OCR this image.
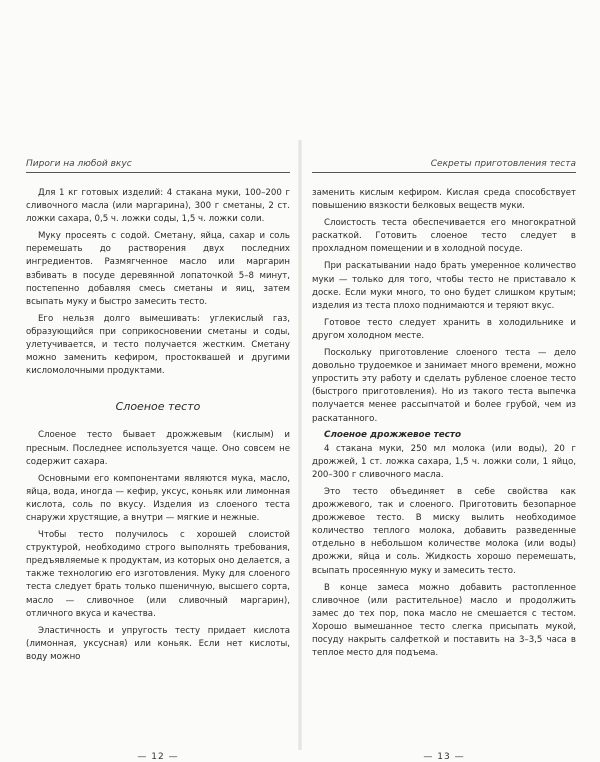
Пироги на любой вкус

Для 1 кг готовых изделий: 4 стакана муки, 100–200 г сливочного масла (или маргарина), 300 г сметаны, 2 ст. ложки сахара, 0,5 ч. ложки соды, 1,5 ч. ложки соли.

Муку просеять с содой. Сметану, яйца, сахар и соль перемешать до растворения двух последних ингредиентов. Размягченное масло или маргарин взбивать в посуде деревянной лопаточкой 5–8 минут, постепенно добавляя смесь сметаны и яиц, затем всыпать муку и быстро замесить тесто.

Его нельзя долго вымешивать: углекислый газ, образующийся при соприкосновении сметаны и соды, улетучивается, и тесто получается жестким. Сметану можно заменить кефиром, простоквашей и другими кисломолочными продуктами.

Слоеное тесто

Слоеное тесто бывает дрожжевым (кислым) и пресным. Последнее используется чаще. Оно совсем не содержит сахара.

Основными его компонентами являются мука, масло, яйца, вода, иногда — кефир, уксус, коньяк или лимонная кислота, соль по вкусу. Изделия из слоеного теста снаружи хрустящие, а внутри — мягкие и нежные.

Чтобы тесто получилось с хорошей слоистой структурой, необходимо строго выполнять требования, предъявляемые к продуктам, из которых оно делается, а также технологию его изготовления. Муку для слоеного теста следует брать только пшеничную, высшего сорта, масло — сливочное (или сливочный маргарин), отличного вкуса и качества.

Эластичность и упругость тесту придает кислота (лимонная, уксусная) или коньяк. Если нет кислоты, воду можно

— 12 —
Секреты приготовления теста

заменить кислым кефиром. Кислая среда способствует повышению вязкости белковых веществ муки.

Слоистость теста обеспечивается его многократной раскаткой. Готовить слоеное тесто следует в прохладном помещении и в холодной посуде.

При раскатывании надо брать умеренное количество муки — только для того, чтобы тесто не приставало к доске. Если муки много, то оно будет слишком крутым; изделия из теста плохо поднимаются и теряют вкус.

Готовое тесто следует хранить в холодильнике и другом холодном месте.

Поскольку приготовление слоеного теста — дело довольно трудоемкое и занимает много времени, можно упростить эту работу и сделать рубленое слоеное тесто (быстрого приготовления). Но из такого теста выпечка получается менее рассыпчатой и более грубой, чем из раскатанного.

Слоеное дрожжевое тесто

4 стакана муки, 250 мл молока (или воды), 20 г дрожжей, 1 ст. ложка сахара, 1,5 ч. ложки соли, 1 яйцо, 200–300 г сливочного масла.

Это тесто объединяет в себе свойства как дрожжевого, так и слоеного. Приготовить безопарное дрожжевое тесто. В миску вылить необходимое количество теплого молока, добавить разведенные отдельно в небольшом количестве молока (или воды) дрожжи, яйца и соль. Жидкость хорошо перемешать, всыпать просеянную муку и замесить тесто.

В конце замеса можно добавить растопленное сливочное (или растительное) масло и продолжить замес до тех пор, пока масло не смешается с тестом. Хорошо вымешанное тесто слегка присыпать мукой, посуду накрыть салфеткой и поставить на 3–3,5 часа в теплое место для подъема.

— 13 —
